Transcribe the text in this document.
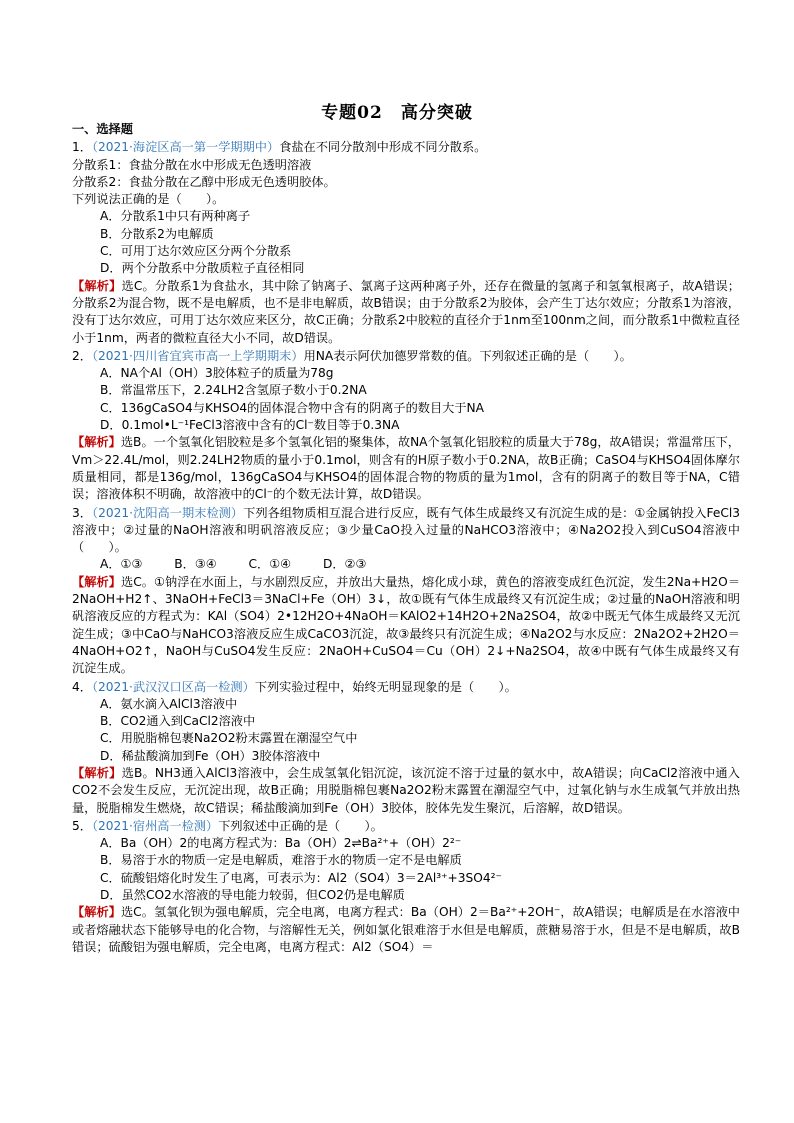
专题02　高分突破
一、选择题
1．（2021·海淀区高一第一学期期中）食盐在不同分散剂中形成不同分散系。
分散系1：食盐分散在水中形成无色透明溶液
分散系2：食盐分散在乙醇中形成无色透明胶体。
下列说法正确的是（　　）。
A．分散系1中只有两种离子
B．分散系2为电解质
C．可用丁达尔效应区分两个分散系
D．两个分散系中分散质粒子直径相同
【解析】选C。分散系1为食盐水，其中除了钠离子、氯离子这两种离子外，还存在微量的氢离子和氢氧根离子，故A错误；分散系2为混合物，既不是电解质，也不是非电解质，故B错误；由于分散系2为胶体，会产生丁达尔效应；分散系1为溶液，没有丁达尔效应，可用丁达尔效应来区分，故C正确；分散系2中胶粒的直径介于1nm至100nm之间，而分散系1中微粒直径小于1nm，两者的微粒直径大小不同，故D错误。
2．（2021·四川省宜宾市高一上学期期末）用NA表示阿伏加德罗常数的值。下列叙述正确的是（　　）。
A．NA个Al（OH）3胶体粒子的质量为78g
B．常温常压下，2.24LH2含氢原子数小于0.2NA
C．136gCaSO4与KHSO4的固体混合物中含有的阴离子的数目大于NA
D．0.1mol•L⁻¹FeCl3溶液中含有的Cl⁻数目等于0.3NA
【解析】选B。一个氢氧化铝胶粒是多个氢氧化铝的聚集体，故NA个氢氧化铝胶粒的质量大于78g，故A错误；常温常压下，Vm＞22.4L/mol，则2.24LH2物质的量小于0.1mol，则含有的H原子数小于0.2NA，故B正确；CaSO4与KHSO4固体摩尔质量相同，都是136g/mol，136gCaSO4与KHSO4的固体混合物的物质的量为1mol，含有的阴离子的数目等于NA，C错误；溶液体积不明确，故溶液中的Cl⁻的个数无法计算，故D错误。
3．（2021·沈阳高一期末检测）下列各组物质相互混合进行反应，既有气体生成最终又有沉淀生成的是：①金属钠投入FeCl3溶液中；②过量的NaOH溶液和明矾溶液反应；③少量CaO投入过量的NaHCO3溶液中；④Na2O2投入到CuSO4溶液中（　　）。
A．①③	B．③④	C．①④	D．②③
【解析】选C。①钠浮在水面上，与水剧烈反应，并放出大量热，熔化成小球，黄色的溶液变成红色沉淀，发生2Na+H2O＝2NaOH+H2↑、3NaOH+FeCl3＝3NaCl+Fe（OH）3↓，故①既有气体生成最终又有沉淀生成；②过量的NaOH溶液和明矾溶液反应的方程式为：KAl（SO4）2•12H2O+4NaOH＝KAlO2+14H2O+2Na2SO4，故②中既无气体生成最终又无沉淀生成；③中CaO与NaHCO3溶液反应生成CaCO3沉淀，故③最终只有沉淀生成；④Na2O2与水反应：2Na2O2+2H2O＝4NaOH+O2↑，NaOH与CuSO4发生反应：2NaOH+CuSO4＝Cu（OH）2↓+Na2SO4，故④中既有气体生成最终又有沉淀生成。
4．（2021·武汉汉口区高一检测）下列实验过程中，始终无明显现象的是（　　）。
A．氨水滴入AlCl3溶液中
B．CO2通入到CaCl2溶液中
C．用脱脂棉包裹Na2O2粉末露置在潮湿空气中
D．稀盐酸滴加到Fe（OH）3胶体溶液中
【解析】选B。NH3通入AlCl3溶液中，会生成氢氧化铝沉淀，该沉淀不溶于过量的氨水中，故A错误；向CaCl2溶液中通入CO2不会发生反应，无沉淀出现，故B正确；用脱脂棉包裹Na2O2粉末露置在潮湿空气中，过氧化钠与水生成氧气并放出热量，脱脂棉发生燃烧，故C错误；稀盐酸滴加到Fe（OH）3胶体，胶体先发生聚沉，后溶解，故D错误。
5．（2021·宿州高一检测）下列叙述中正确的是（　　）。
A．Ba（OH）2的电离方程式为：Ba（OH）2⇌Ba²⁺+（OH）2²⁻
B．易溶于水的物质一定是电解质，难溶于水的物质一定不是电解质
C．硫酸铝熔化时发生了电离，可表示为：Al2（SO4）3＝2Al³⁺+3SO4²⁻
D．虽然CO2水溶液的导电能力较弱，但CO2仍是电解质
【解析】选C。氢氧化钡为强电解质，完全电离，电离方程式：Ba（OH）2＝Ba²⁺+2OH⁻，故A错误；电解质是在水溶液中或者熔融状态下能够导电的化合物，与溶解性无关，例如氯化银难溶于水但是电解质，蔗糖易溶于水，但是不是电解质，故B错误；硫酸铝为强电解质，完全电离，电离方程式：Al2（SO4）＝
